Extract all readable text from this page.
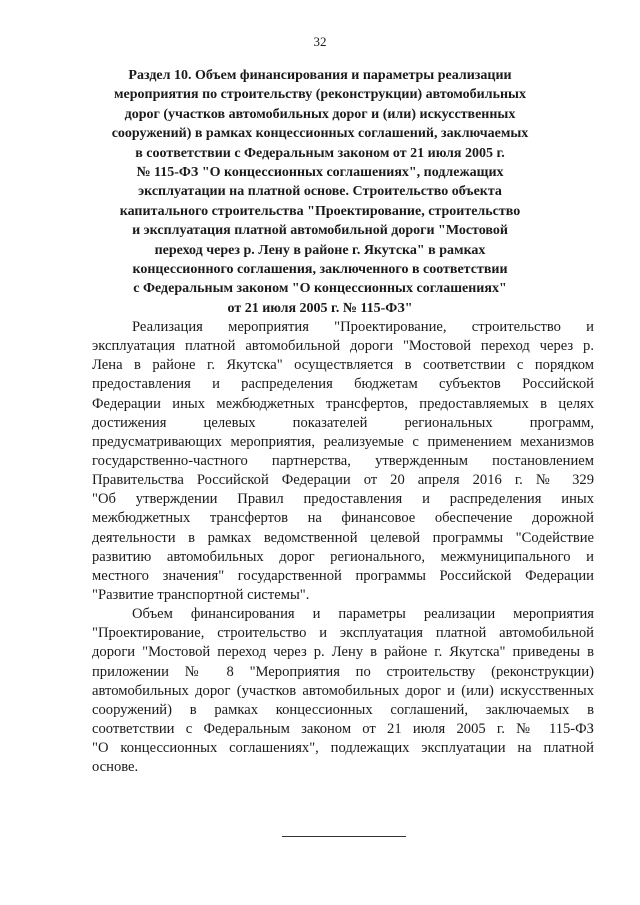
32
Раздел 10. Объем финансирования и параметры реализации
мероприятия по строительству (реконструкции) автомобильных
дорог (участков автомобильных дорог и (или) искусственных
сооружений) в рамках концессионных соглашений, заключаемых
в соответствии с Федеральным законом от 21 июля 2005 г.
№ 115-ФЗ "О концессионных соглашениях", подлежащих
эксплуатации на платной основе. Строительство объекта
капитального строительства "Проектирование, строительство
и эксплуатация платной автомобильной дороги "Мостовой
переход через р. Лену в районе г. Якутска" в рамках
концессионного соглашения, заключенного в соответствии
с Федеральным законом "О концессионных соглашениях"
от 21 июля 2005 г. № 115-ФЗ"
Реализация мероприятия "Проектирование, строительство и
эксплуатация платной автомобильной дороги "Мостовой переход через р.
Лена в районе г. Якутска" осуществляется в соответствии с порядком
предоставления и распределения бюджетам субъектов Российской
Федерации иных межбюджетных трансфертов, предоставляемых в целях
достижения целевых показателей региональных программ,
предусматривающих мероприятия, реализуемые с применением механизмов
государственно-частного партнерства, утвержденным постановлением
Правительства Российской Федерации от 20 апреля 2016 г. № 329
"Об утверждении Правил предоставления и распределения иных
межбюджетных трансфертов на финансовое обеспечение дорожной
деятельности в рамках ведомственной целевой программы "Содействие
развитию автомобильных дорог регионального, межмуниципального и
местного значения" государственной программы Российской Федерации
"Развитие транспортной системы".
Объем финансирования и параметры реализации мероприятия
"Проектирование, строительство и эксплуатация платной автомобильной
дороги "Мостовой переход через р. Лену в районе г. Якутска" приведены в
приложении № 8 "Мероприятия по строительству (реконструкции)
автомобильных дорог (участков автомобильных дорог и (или) искусственных
сооружений) в рамках концессионных соглашений, заключаемых в
соответствии с Федеральным законом от 21 июля 2005 г. № 115-ФЗ
"О концессионных соглашениях", подлежащих эксплуатации на платной
основе.
